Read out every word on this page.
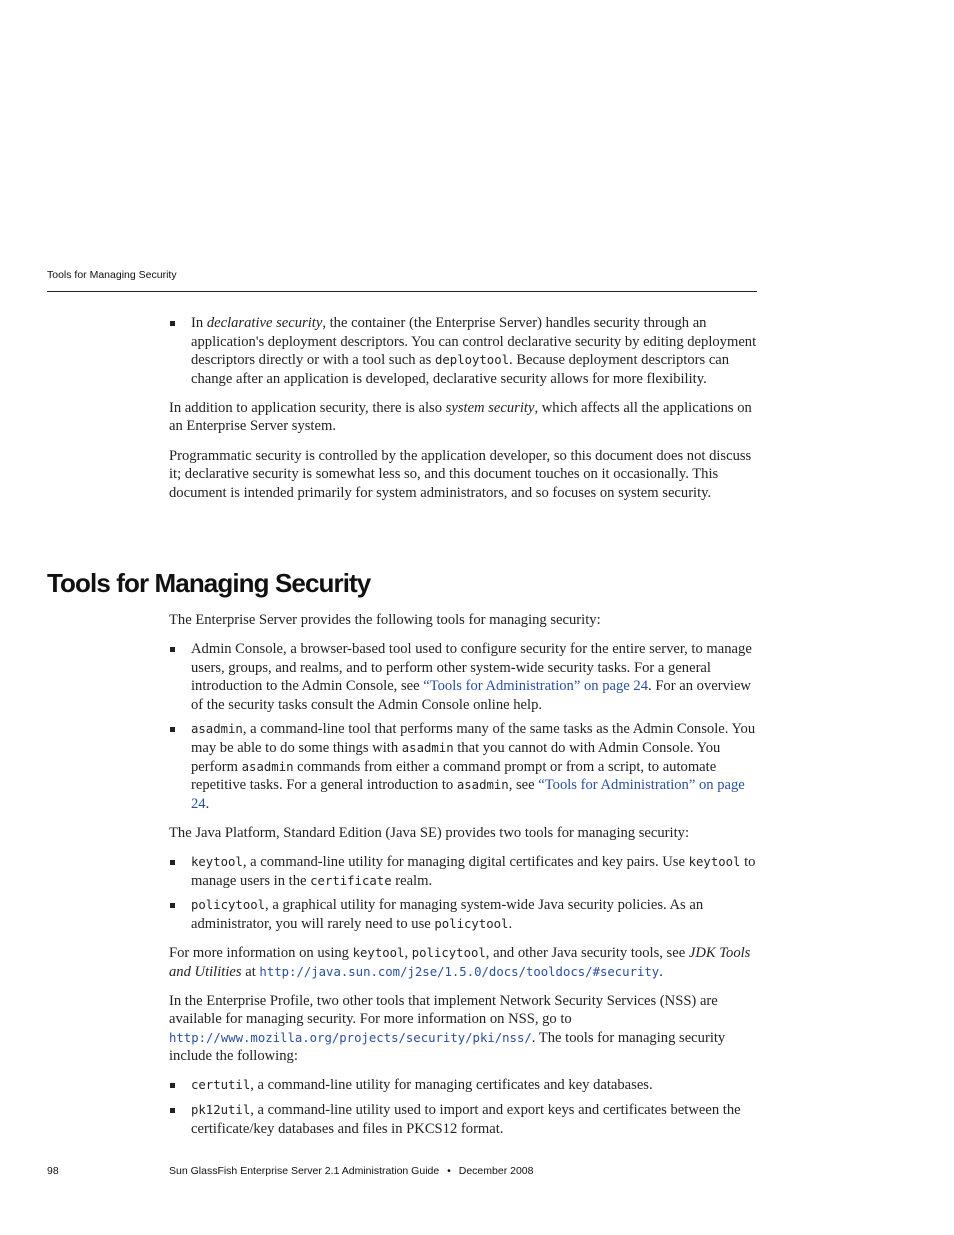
Tools for Managing Security
In declarative security, the container (the Enterprise Server) handles security through an application's deployment descriptors. You can control declarative security by editing deployment descriptors directly or with a tool such as deploytool. Because deployment descriptors can change after an application is developed, declarative security allows for more flexibility.

In addition to application security, there is also system security, which affects all the applications on an Enterprise Server system.

Programmatic security is controlled by the application developer, so this document does not discuss it; declarative security is somewhat less so, and this document touches on it occasionally. This document is intended primarily for system administrators, and so focuses on system security.

Tools for Managing Security

The Enterprise Server provides the following tools for managing security:

Admin Console, a browser-based tool used to configure security for the entire server, to manage users, groups, and realms, and to perform other system-wide security tasks. For a general introduction to the Admin Console, see “Tools for Administration” on page 24. For an overview of the security tasks consult the Admin Console online help.
asadmin, a command-line tool that performs many of the same tasks as the Admin Console. You may be able to do some things with asadmin that you cannot do with Admin Console. You perform asadmin commands from either a command prompt or from a script, to automate repetitive tasks. For a general introduction to asadmin, see “Tools for Administration” on page 24.

The Java Platform, Standard Edition (Java SE) provides two tools for managing security:

keytool, a command-line utility for managing digital certificates and key pairs. Use keytool to manage users in the certificate realm.
policytool, a graphical utility for managing system-wide Java security policies. As an administrator, you will rarely need to use policytool.

For more information on using keytool, policytool, and other Java security tools, see JDK Tools and Utilities at http://java.sun.com/j2se/1.5.0/docs/tooldocs/#security.

In the Enterprise Profile, two other tools that implement Network Security Services (NSS) are available for managing security. For more information on NSS, go to http://www.mozilla.org/projects/security/pki/nss/. The tools for managing security include the following:

certutil, a command-line utility for managing certificates and key databases.
pk12util, a command-line utility used to import and export keys and certificates between the certificate/key databases and files in PKCS12 format.
98	Sun GlassFish Enterprise Server 2.1 Administration Guide • December 2008
